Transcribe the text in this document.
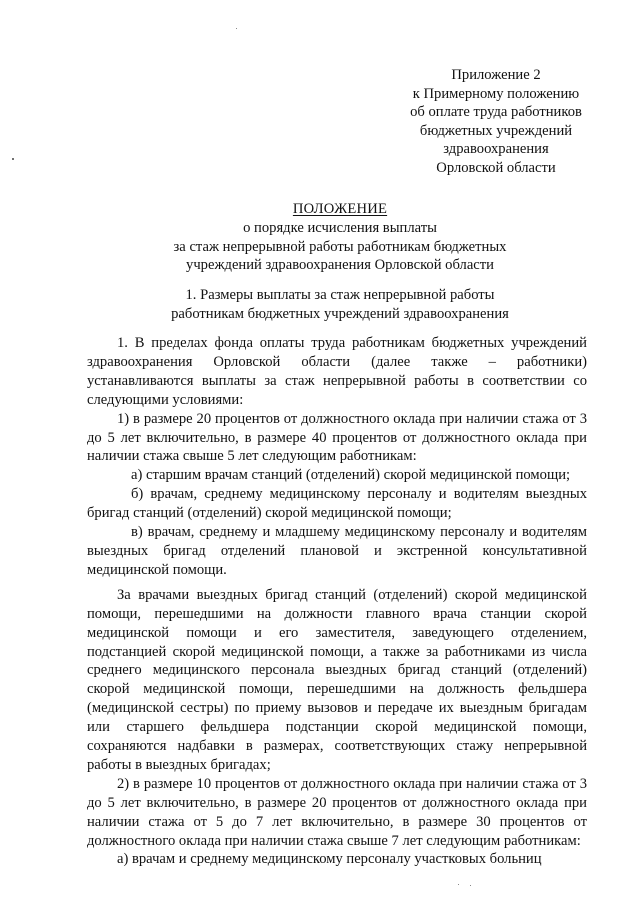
Приложение 2
к Примерному положению
об оплате труда работников
бюджетных учреждений
здравоохранения
Орловской области
ПОЛОЖЕНИЕ
о порядке исчисления выплаты
за стаж непрерывной работы работникам бюджетных
учреждений здравоохранения Орловской области
1. Размеры выплаты за стаж непрерывной работы
работникам бюджетных учреждений здравоохранения

1. В пределах фонда оплаты труда работникам бюджетных учреждений здравоохранения Орловской области (далее также – работники) устанавливаются выплаты за стаж непрерывной работы в соответствии со следующими условиями:

1) в размере 20 процентов от должностного оклада при наличии стажа от 3 до 5 лет включительно, в размере 40 процентов от должностного оклада при наличии стажа свыше 5 лет следующим работникам:

а) старшим врачам станций (отделений) скорой медицинской помощи;

б) врачам, среднему медицинскому персоналу и водителям выездных бригад станций (отделений) скорой медицинской помощи;

в) врачам, среднему и младшему медицинскому персоналу и водителям выездных бригад отделений плановой и экстренной консультативной медицинской помощи.

За врачами выездных бригад станций (отделений) скорой медицинской помощи, перешедшими на должности главного врача станции скорой медицинской помощи и его заместителя, заведующего отделением, подстанцией скорой медицинской помощи, а также за работниками из числа среднего медицинского персонала выездных бригад станций (отделений) скорой медицинской помощи, перешедшими на должность фельдшера (медицинской сестры) по приему вызовов и передаче их выездным бригадам или старшего фельдшера подстанции скорой медицинской помощи, сохраняются надбавки в размерах, соответствующих стажу непрерывной работы в выездных бригадах;

2) в размере 10 процентов от должностного оклада при наличии стажа от 3 до 5 лет включительно, в размере 20 процентов от должностного оклада при наличии стажа от 5 до 7 лет включительно, в размере 30 процентов от должностного оклада при наличии стажа свыше 7 лет следующим работникам:

а) врачам и среднему медицинскому персоналу участковых больниц
